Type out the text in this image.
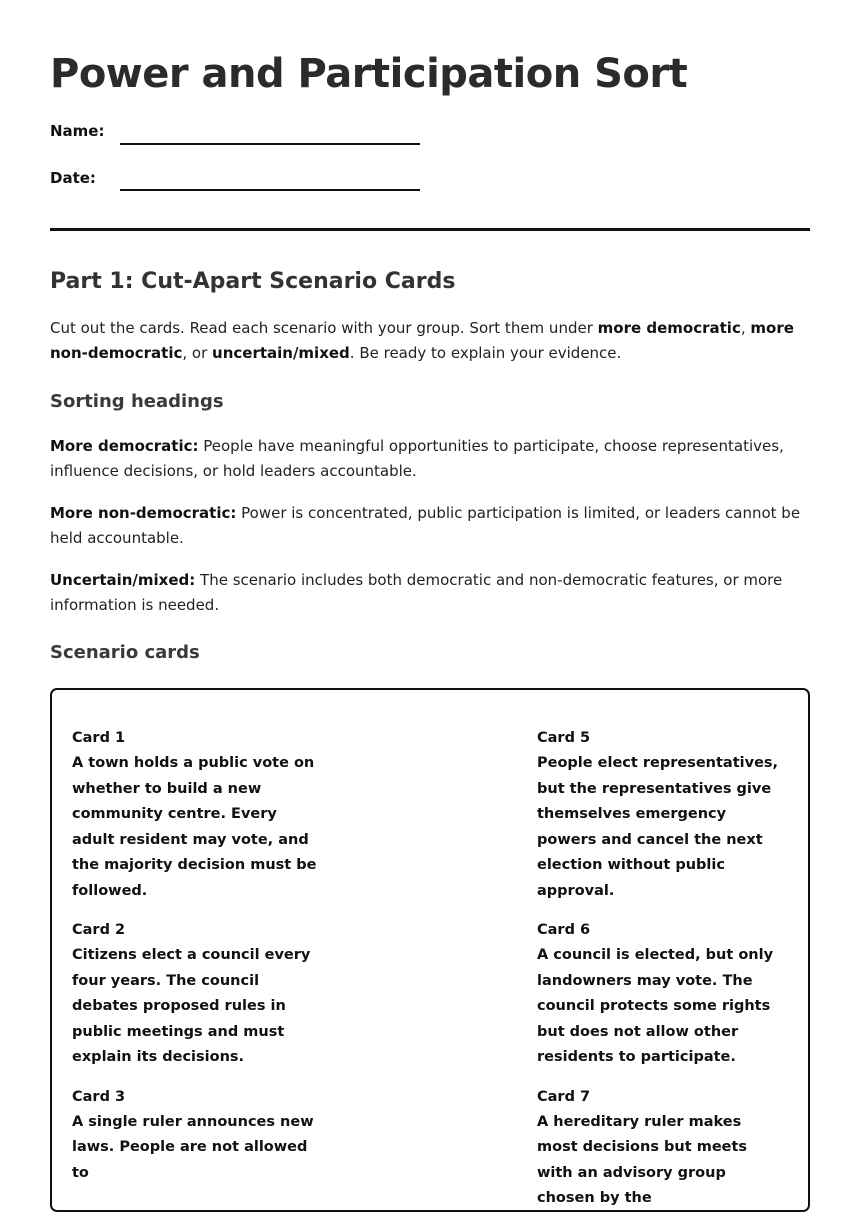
Power and Participation Sort
Name:
Date:
Part 1: Cut-Apart Scenario Cards

Cut out the cards. Read each scenario with your group. Sort them under more democratic, more non-democratic, or uncertain/mixed. Be ready to explain your evidence.

Sorting headings

More democratic: People have meaningful opportunities to participate, choose representatives, influence decisions, or hold leaders accountable.

More non-democratic: Power is concentrated, public participation is limited, or leaders cannot be held accountable.

Uncertain/mixed: The scenario includes both democratic and non-democratic features, or more information is needed.

Scenario cards
Card 1
A town holds a public vote on whether to build a new community centre. Every adult resident may vote, and the majority decision must be followed.
Card 2
Citizens elect a council every four years. The council debates proposed rules in public meetings and must explain its decisions.
Card 3
A single ruler announces new laws. People are not allowed to
Card 5
People elect representatives, but the representatives give themselves emergency powers and cancel the next election without public approval.
Card 6
A council is elected, but only landowners may vote. The council protects some rights but does not allow other residents to participate.
Card 7
A hereditary ruler makes most decisions but meets with an advisory group chosen by the
